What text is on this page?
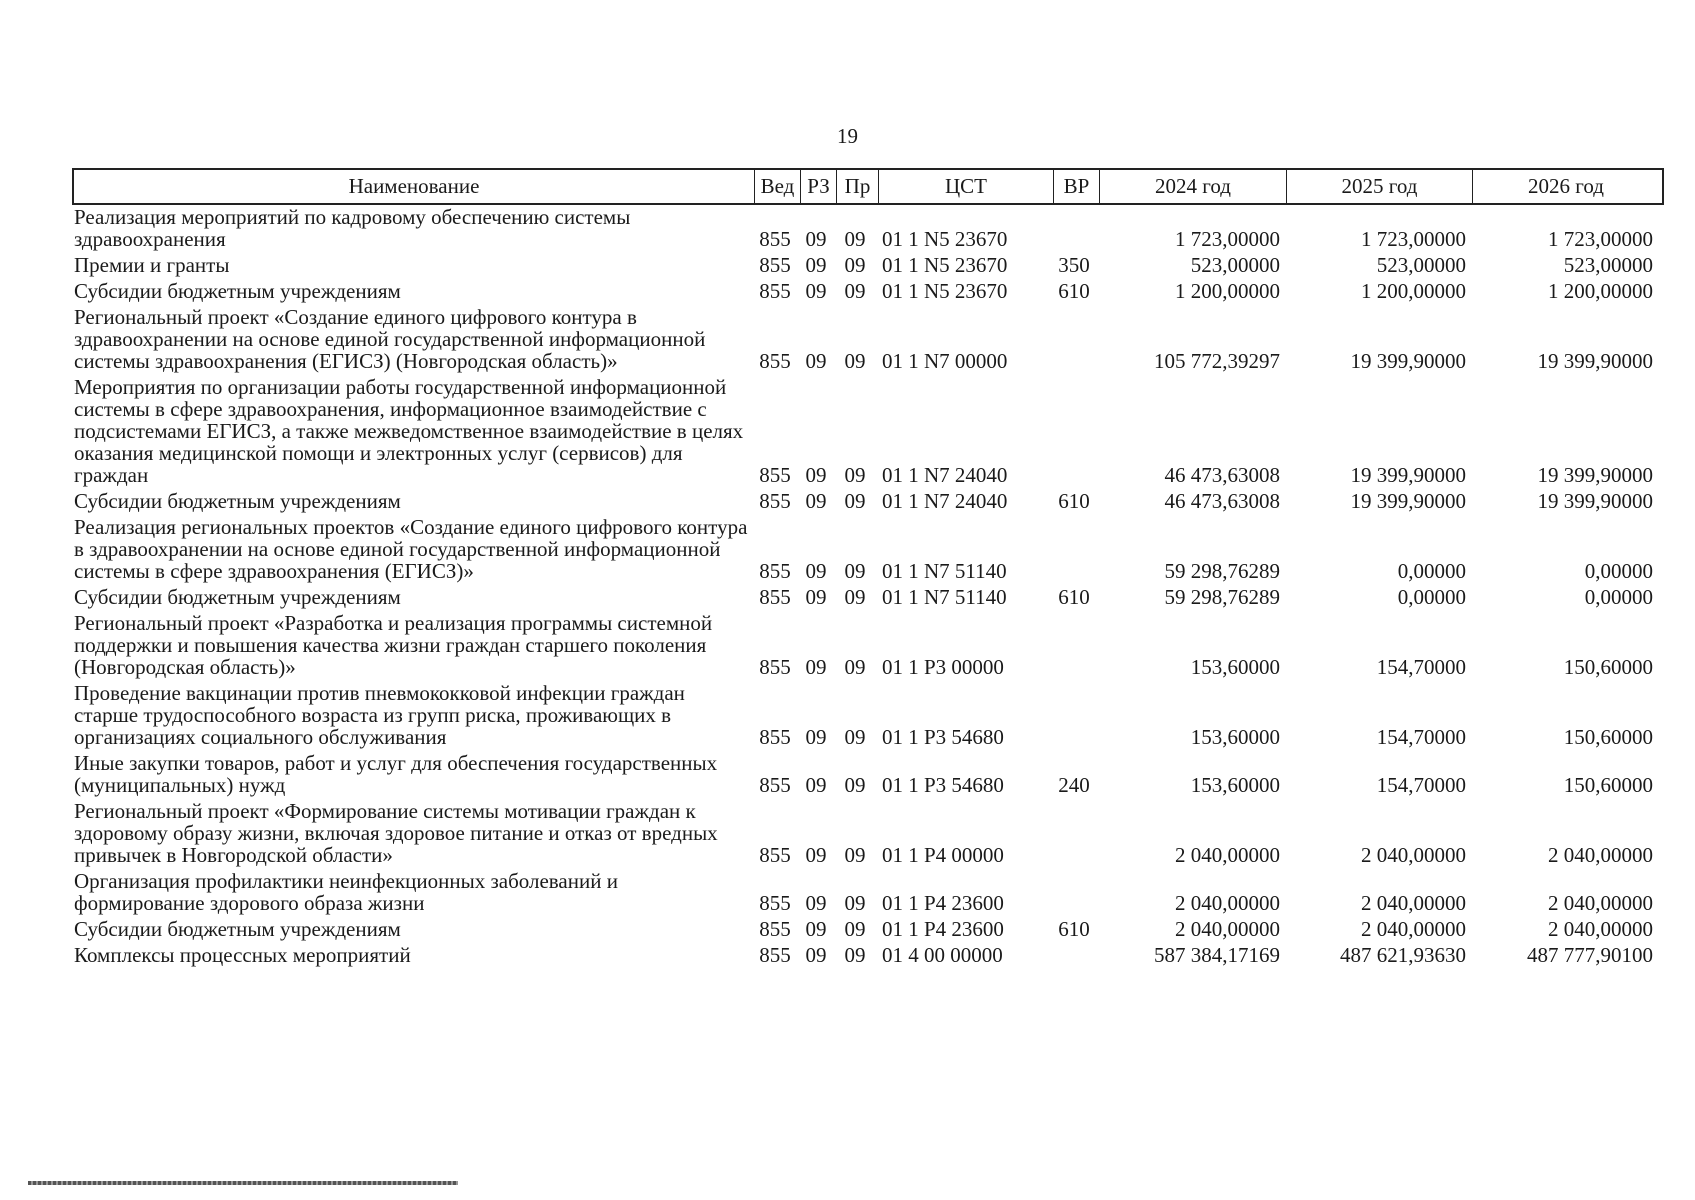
19
Наименование	Вед РЗ Пр	ЦСТ	ВР	2024 год	2025 год	2026 год
Реализация мероприятий по кадровому обеспечению системы здравоохранения	855 09 09 01 1 N5 23670	1 723,00000	1 723,00000	1 723,00000
Премии и гранты	855 09 09 01 1 N5 23670	350	523,00000	523,00000	523,00000
Субсидии бюджетным учреждениям	855 09 09 01 1 N5 23670	610	1 200,00000	1 200,00000	1 200,00000
Региональный проект «Создание единого цифрового контура в здравоохранении на основе единой государственной информационной системы здравоохранения (ЕГИСЗ) (Новгородская область)»	855 09 09 01 1 N7 00000	105 772,39297	19 399,90000	19 399,90000
Мероприятия по организации работы государственной информационной системы в сфере здравоохранения, информационное взаимодействие с подсистемами ЕГИСЗ, а также межведомственное взаимодействие в целях оказания медицинской помощи и электронных услуг (сервисов) для граждан	855 09 09 01 1 N7 24040	46 473,63008	19 399,90000	19 399,90000
Субсидии бюджетным учреждениям	855 09 09 01 1 N7 24040	610	46 473,63008	19 399,90000	19 399,90000
Реализация региональных проектов «Создание единого цифрового контура в здравоохранении на основе единой государственной информационной системы в сфере здравоохранения (ЕГИСЗ)»	855 09 09 01 1 N7 51140	59 298,76289	0,00000	0,00000
Субсидии бюджетным учреждениям	855 09 09 01 1 N7 51140	610	59 298,76289	0,00000	0,00000
Региональный проект «Разработка и реализация программы системной поддержки и повышения качества жизни граждан старшего поколения (Новгородская область)»	855 09 09 01 1 P3 00000	153,60000	154,70000	150,60000
Проведение вакцинации против пневмококковой инфекции граждан старше трудоспособного возраста из групп риска, проживающих в организациях социального обслуживания	855 09 09 01 1 P3 54680	153,60000	154,70000	150,60000
Иные закупки товаров, работ и услуг для обеспечения государственных (муниципальных) нужд	855 09 09 01 1 P3 54680	240	153,60000	154,70000	150,60000
Региональный проект «Формирование системы мотивации граждан к здоровому образу жизни, включая здоровое питание и отказ от вредных привычек в Новгородской области»	855 09 09 01 1 P4 00000	2 040,00000	2 040,00000	2 040,00000
Организация профилактики неинфекционных заболеваний и формирование здорового образа жизни	855 09 09 01 1 P4 23600	2 040,00000	2 040,00000	2 040,00000
Субсидии бюджетным учреждениям	855 09 09 01 1 P4 23600	610	2 040,00000	2 040,00000	2 040,00000
Комплексы процессных мероприятий	855 09 09 01 4 00 00000	587 384,17169	487 621,93630	487 777,90100
